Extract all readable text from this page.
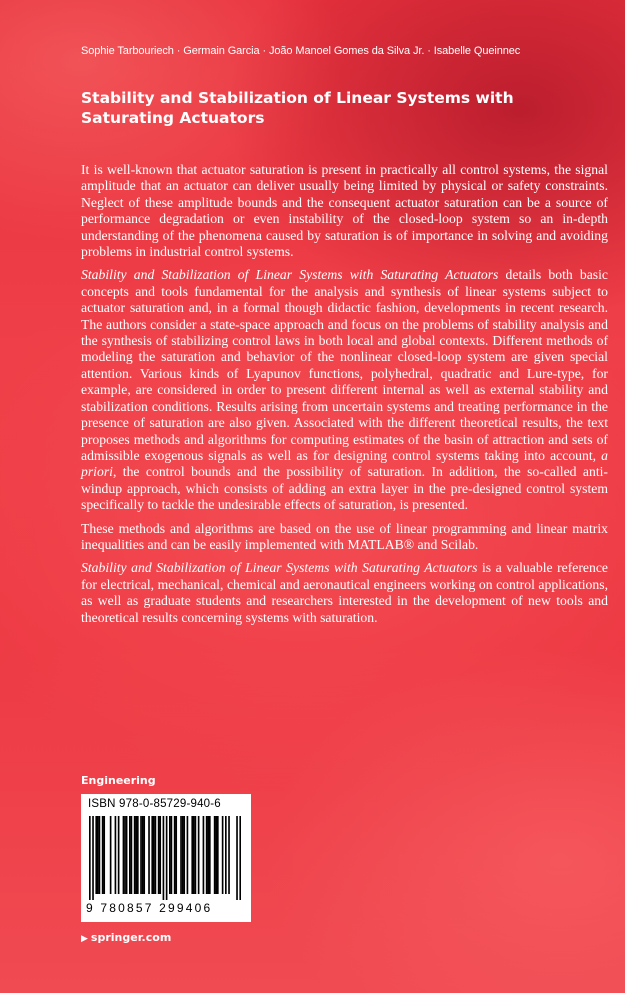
Sophie Tarbouriech · Germain Garcia · João Manoel Gomes da Silva Jr. · Isabelle Queinnec
Stability and Stabilization of Linear Systems with Saturating Actuators

It is well-known that actuator saturation is present in practically all control systems, the signal amplitude that an actuator can deliver usually being limited by physical or safety constraints. Neglect of these amplitude bounds and the consequent actuator saturation can be a source of performance degradation or even instability of the closed-loop system so an in-depth understanding of the phenomena caused by saturation is of importance in solving and avoiding problems in industrial control systems.

Stability and Stabilization of Linear Systems with Saturating Actuators details both basic concepts and tools fundamental for the analysis and synthesis of linear systems subject to actuator saturation and, in a formal though didactic fashion, developments in recent research. The authors consider a state-space approach and focus on the problems of stability analysis and the synthesis of stabilizing control laws in both local and global contexts. Different methods of modeling the saturation and behavior of the nonlinear closed-loop system are given special attention. Various kinds of Lyapunov functions, polyhedral, quadratic and Lure-type, for example, are considered in order to present different internal as well as external stability and stabilization conditions. Results arising from uncertain systems and treating performance in the presence of saturation are also given. Associated with the different theoretical results, the text proposes methods and algorithms for computing estimates of the basin of attraction and sets of admissible exogenous signals as well as for designing control systems taking into account, a priori, the control bounds and the possibility of saturation. In addition, the so-called anti-windup approach, which consists of adding an extra layer in the pre-designed control system specifically to tackle the undesirable effects of saturation, is presented.

These methods and algorithms are based on the use of linear programming and linear matrix inequalities and can be easily implemented with MATLAB® and Scilab.

Stability and Stabilization of Linear Systems with Saturating Actuators is a valuable reference for electrical, mechanical, chemical and aeronautical engineers working on control applications, as well as graduate students and researchers interested in the development of new tools and theoretical results concerning systems with saturation.

Engineering
ISBN 978-0-85729-940-6
9 780857 299406
▶ springer.com
